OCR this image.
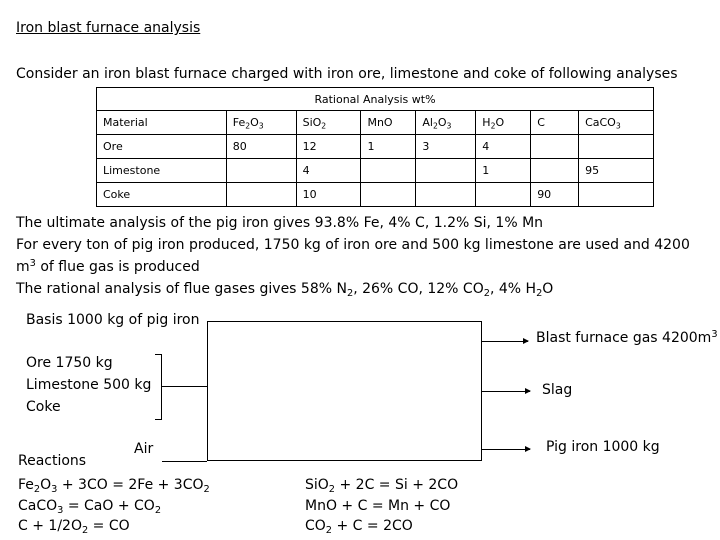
Iron blast furnace analysis
Consider an iron blast furnace charged with iron ore, limestone and coke of following analyses
Rational Analysis wt%
Material	$Fe_2O_3$	SiO$_2$	MnO	$Al_2O_3$	$H_2O$	C	CaCO$_3$
Ore	80	12	1	3	4		
Limestone		4			1		95
Coke		10				90	
The ultimate analysis of the pig iron gives 93.8% Fe, 4% C, 1.2% Si, 1% Mn
For every ton of pig iron produced, 1750 kg of iron ore and 500 kg limestone are used and 4200
$m^3$ of flue gas is produced
The rational analysis of flue gases gives 58% $N_2$, 26% CO, 12% $CO_2$, 4% $H_2O$
Basis 1000 kg of pig iron
Ore 1750 kg
Limestone 500 kg
Coke
Air
Blast furnace gas $4200m^3$
Slag
Pig iron 1000 kg
Reactions
$Fe_2O_3 + 3CO = 2Fe + 3CO_2$
CaCO$_3$ = CaO + $CO_2$
$C + 1/2O_2$ = CO
SiO$_2$ + 2C = Si + 2CO
MnO + C = Mn + CO
$CO_2 + C = 2CO$
